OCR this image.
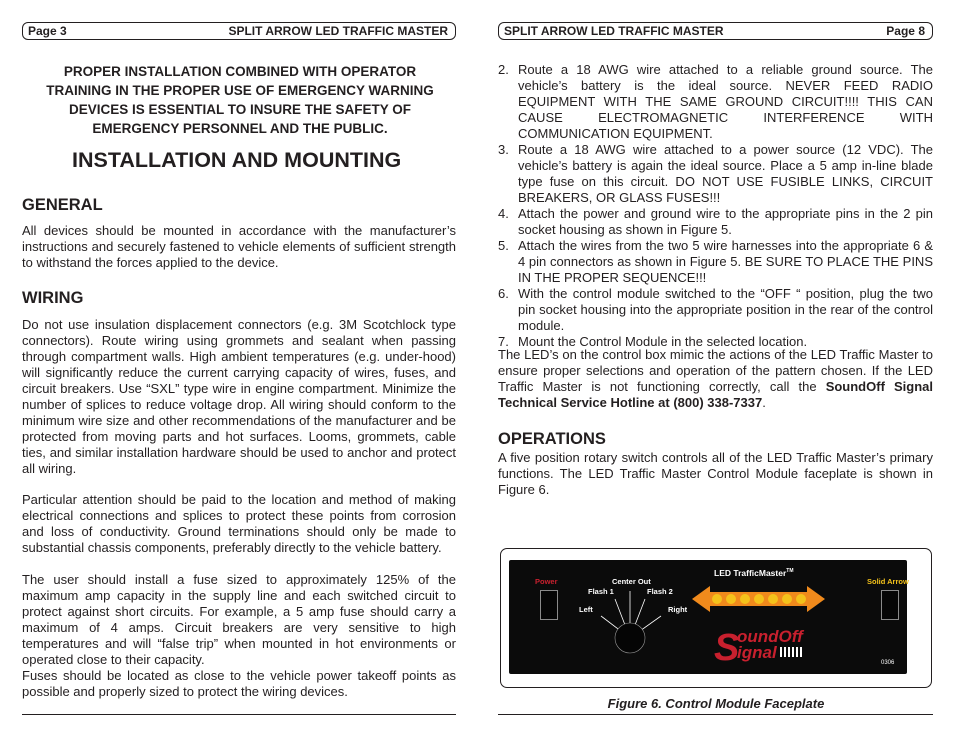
Page 3	SPLIT ARROW LED TRAFFIC MASTER
PROPER INSTALLATION COMBINED WITH OPERATOR TRAINING IN THE PROPER USE OF EMERGENCY WARNING DEVICES IS ESSENTIAL TO INSURE THE SAFETY OF EMERGENCY PERSONNEL AND THE PUBLIC.
INSTALLATION AND MOUNTING

GENERAL

All devices should be mounted in accordance with the manufacturer’s instructions and securely fastened to vehicle elements of sufficient strength to withstand the forces applied to the device.

WIRING

Do not use insulation displacement connectors (e.g. 3M Scotchlock type connectors). Route wiring using grommets and sealant when passing through compartment walls. High ambient temperatures (e.g. under-hood) will significantly reduce the current carrying capacity of wires, fuses, and circuit breakers. Use “SXL” type wire in engine compartment. Minimize the number of splices to reduce voltage drop. All wiring should conform to the minimum wire size and other recommendations of the manufacturer and be protected from moving parts and hot surfaces. Looms, grommets, cable ties, and similar installation hardware should be used to anchor and protect all wiring.

Particular attention should be paid to the location and method of making electrical connections and splices to protect these points from corrosion and loss of conductivity. Ground terminations should only be made to substantial chassis components, preferably directly to the vehicle battery.

The user should install a fuse sized to approximately 125% of the maximum amp capacity in the supply line and each switched circuit to protect against short circuits. For example, a 5 amp fuse should carry a maximum of 4 amps. Circuit breakers are very sensitive to high temperatures and will “false trip” when mounted in hot environments or operated close to their capacity.

Fuses should be located as close to the vehicle power takeoff points as possible and properly sized to protect the wiring devices.

SPLIT ARROW LED TRAFFIC MASTER	Page 8
2. Route a 18 AWG wire attached to a reliable ground source. The vehicle’s battery is the ideal source. NEVER FEED RADIO EQUIPMENT WITH THE SAME GROUND CIRCUIT!!!! THIS CAN CAUSE ELECTROMAGNETIC INTERFERENCE WITH COMMUNICATION EQUIPMENT.
3. Route a 18 AWG wire attached to a power source (12 VDC). The vehicle’s battery is again the ideal source. Place a 5 amp in-line blade type fuse on this circuit. DO NOT USE FUSIBLE LINKS, CIRCUIT BREAKERS, OR GLASS FUSES!!!
4. Attach the power and ground wire to the appropriate pins in the 2 pin socket housing as shown in Figure 5.
5. Attach the wires from the two 5 wire harnesses into the appropriate 6 & 4 pin connectors as shown in Figure 5. BE SURE TO PLACE THE PINS IN THE PROPER SEQUENCE!!!
6. With the control module switched to the “OFF “ position, plug the two pin socket housing into the appropriate position in the rear of the control module.
7. Mount the Control Module in the selected location.

The LED’s on the control box mimic the actions of the LED Traffic Master to ensure proper selections and operation of the pattern chosen. If the LED Traffic Master is not functioning correctly, call the SoundOff Signal Technical Service Hotline at (800) 338-7337.

OPERATIONS

A five position rotary switch controls all of the LED Traffic Master’s primary functions. The LED Traffic Master Control Module faceplate is shown in Figure 6.

LED TrafficMaster™
Power	Solid Arrow
Center Out
Flash 1	Flash 2
Left	Right
S
oundOff
ignal
0306
Figure 6. Control Module Faceplate
